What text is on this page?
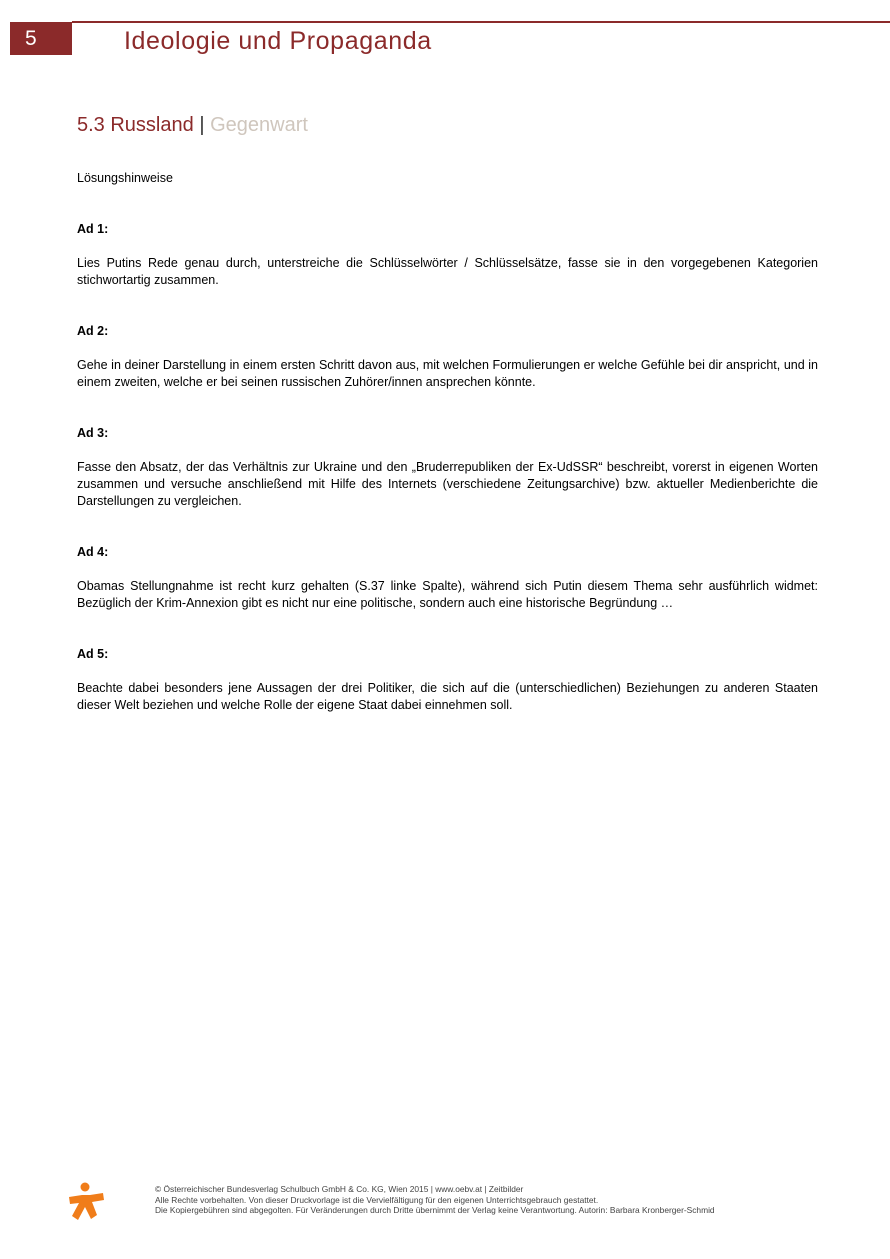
5	Ideologie und Propaganda
5.3 Russland | Gegenwart

Lösungshinweise

Ad 1:

Lies Putins Rede genau durch, unterstreiche die Schlüsselwörter / Schlüsselsätze, fasse sie in den vorgegebenen Kategorien stichwortartig zusammen.

Ad 2:

Gehe in deiner Darstellung in einem ersten Schritt davon aus, mit welchen Formulierungen er welche Gefühle bei dir anspricht, und in einem zweiten, welche er bei seinen russischen Zuhörer/innen ansprechen könnte.

Ad 3:

Fasse den Absatz, der das Verhältnis zur Ukraine und den „Bruderrepubliken der Ex-UdSSR“ beschreibt, vorerst in eigenen Worten zusammen und versuche anschließend mit Hilfe des Internets (verschiedene Zeitungsarchive) bzw. aktueller Medienberichte die Darstellungen zu vergleichen.

Ad 4:

Obamas Stellungnahme ist recht kurz gehalten (S.37 linke Spalte), während sich Putin diesem Thema sehr ausführlich widmet: Bezüglich der Krim-Annexion gibt es nicht nur eine politische, sondern auch eine historische Begründung …

Ad 5:

Beachte dabei besonders jene Aussagen der drei Politiker, die sich auf die (unterschiedlichen) Beziehungen zu anderen Staaten dieser Welt beziehen und welche Rolle der eigene Staat dabei einnehmen soll.

© Österreichischer Bundesverlag Schulbuch GmbH & Co. KG, Wien 2015 | www.oebv.at | Zeitbilder
Alle Rechte vorbehalten. Von dieser Druckvorlage ist die Vervielfältigung für den eigenen Unterrichtsgebrauch gestattet.
Die Kopiergebühren sind abgegolten. Für Veränderungen durch Dritte übernimmt der Verlag keine Verantwortung. Autorin: Barbara Kronberger-Schmid
